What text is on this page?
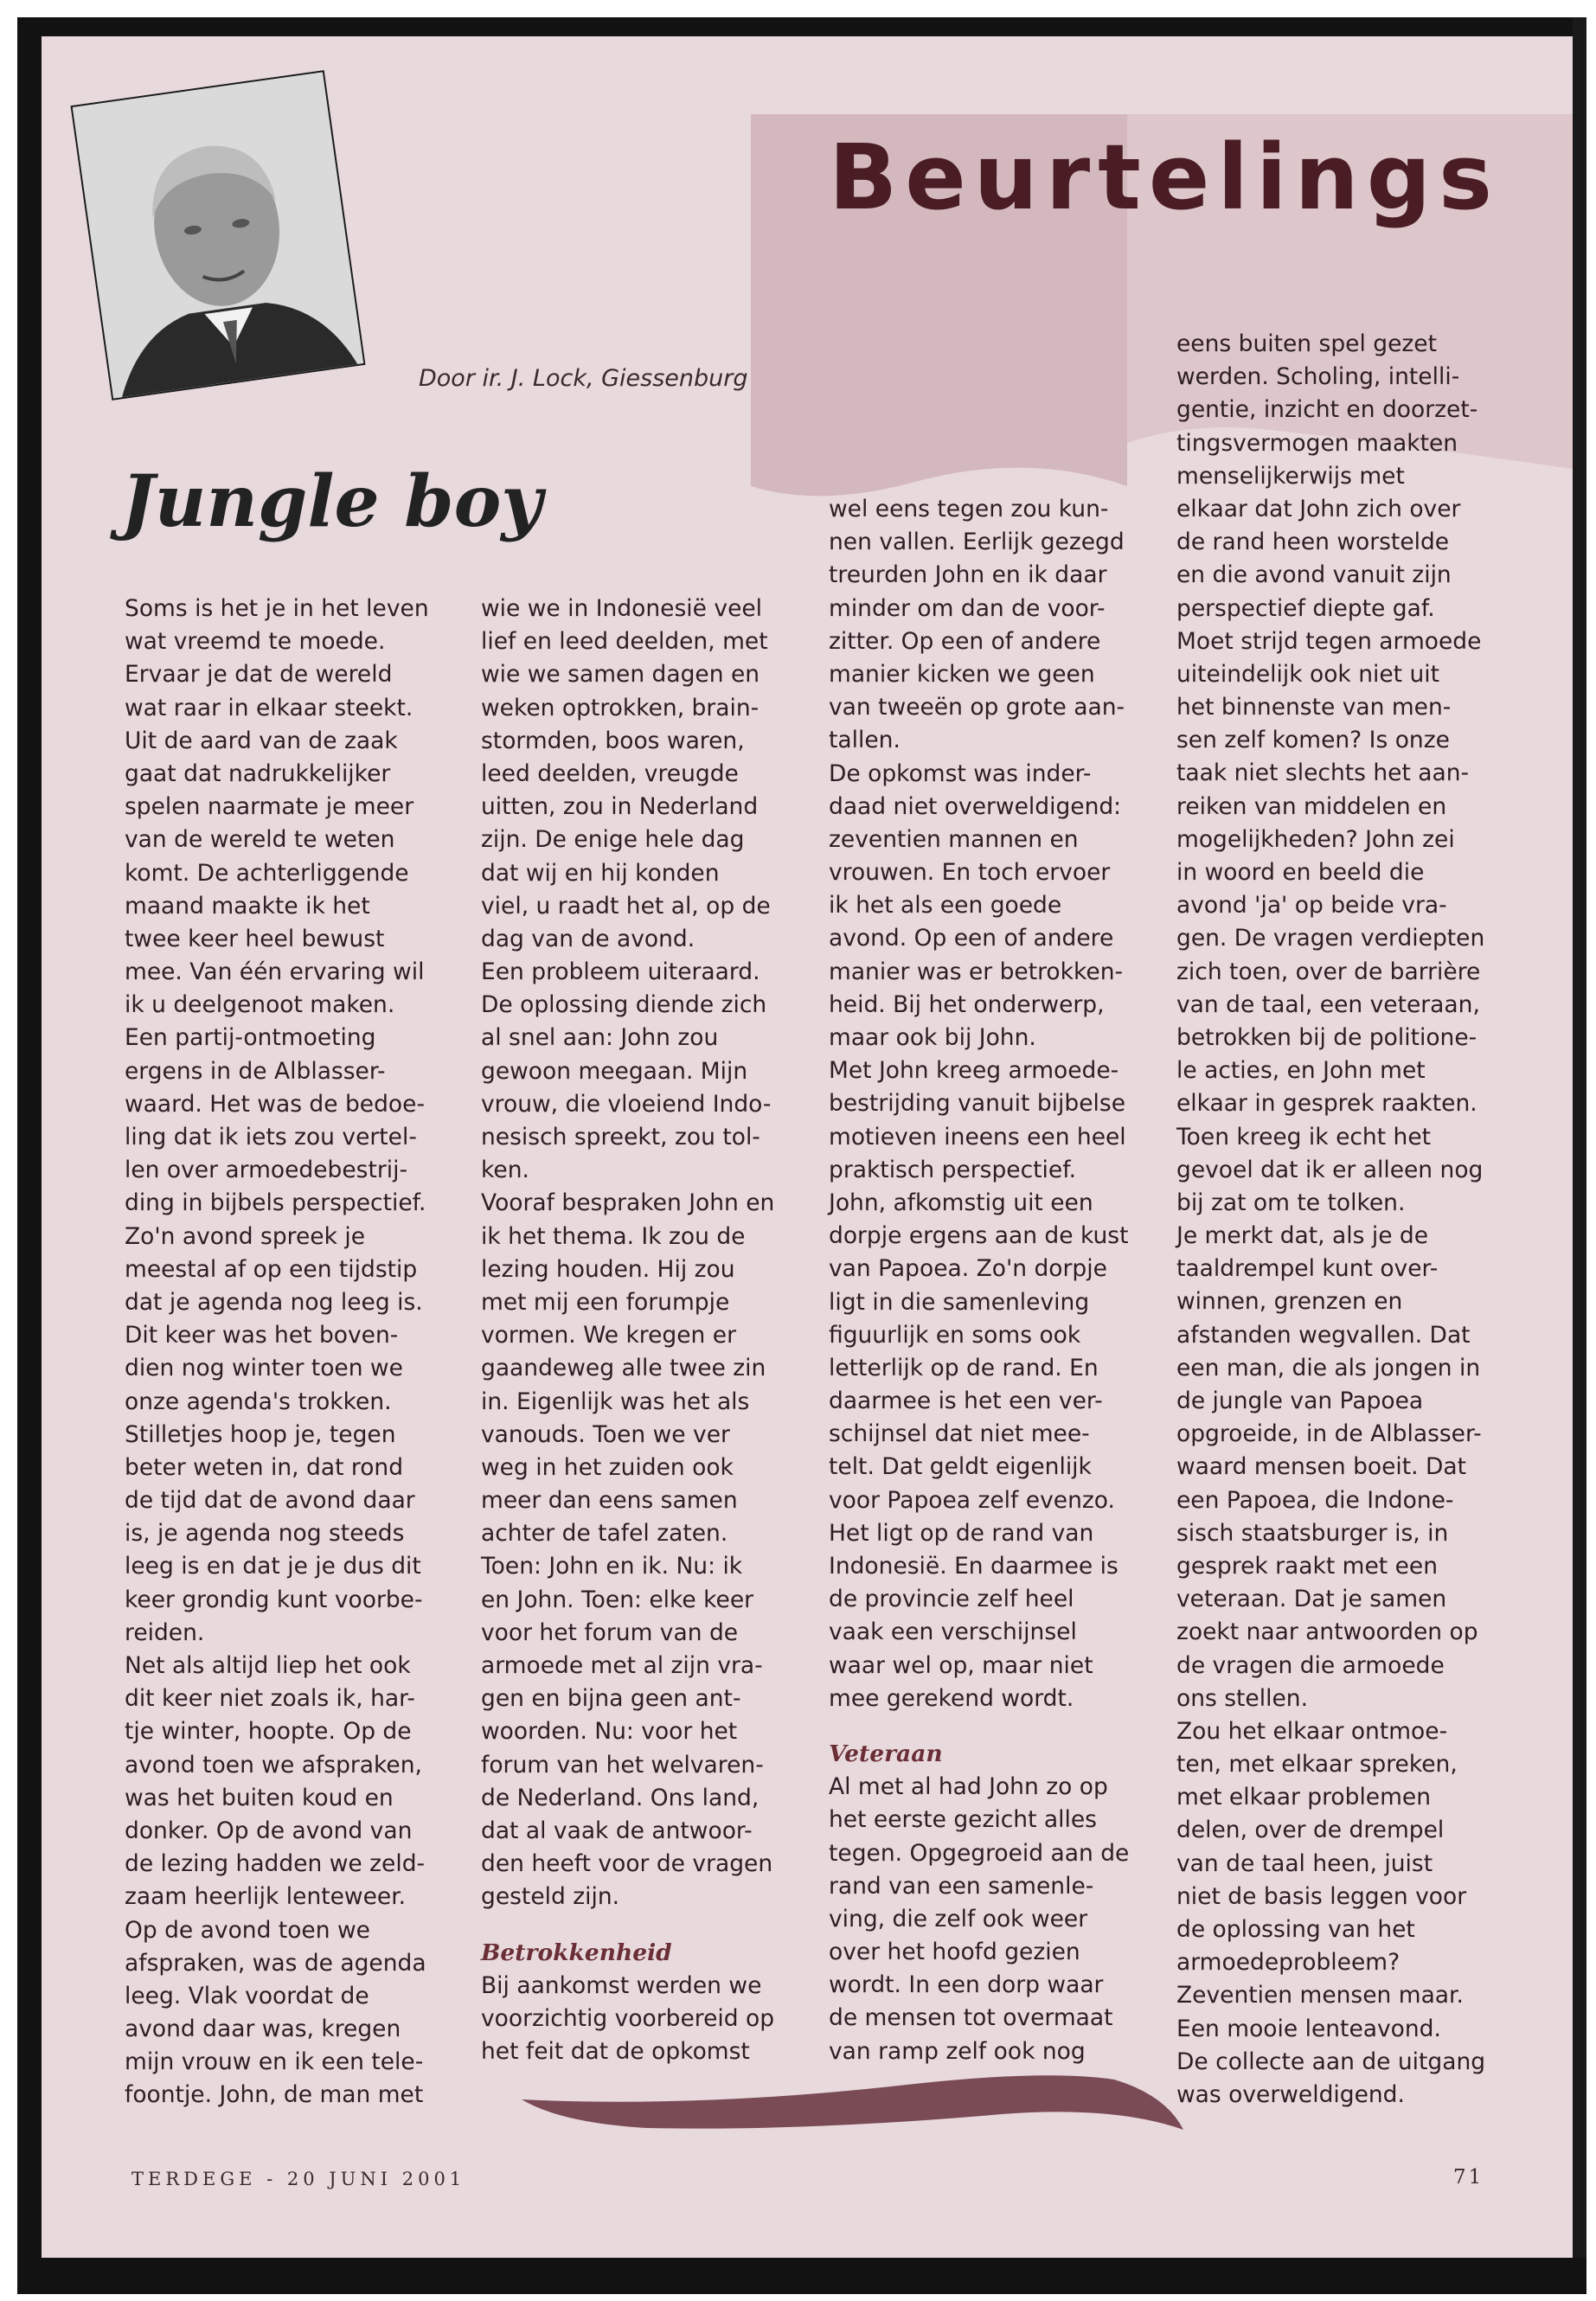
Beurtelings
Door ir. J. Lock, Giessenburg
Jungle boy
Soms is het je in het leven
wat vreemd te moede.
Ervaar je dat de wereld
wat raar in elkaar steekt.
Uit de aard van de zaak
gaat dat nadrukkelijker
spelen naarmate je meer
van de wereld te weten
komt. De achterliggende
maand maakte ik het
twee keer heel bewust
mee. Van één ervaring wil
ik u deelgenoot maken.
Een partij-ontmoeting
ergens in de Alblasser-
waard. Het was de bedoe-
ling dat ik iets zou vertel-
len over armoedebestrij-
ding in bijbels perspectief.
Zo'n avond spreek je
meestal af op een tijdstip
dat je agenda nog leeg is.
Dit keer was het boven-
dien nog winter toen we
onze agenda's trokken.
Stilletjes hoop je, tegen
beter weten in, dat rond
de tijd dat de avond daar
is, je agenda nog steeds
leeg is en dat je je dus dit
keer grondig kunt voorbe-
reiden.
Net als altijd liep het ook
dit keer niet zoals ik, har-
tje winter, hoopte. Op de
avond toen we afspraken,
was het buiten koud en
donker. Op de avond van
de lezing hadden we zeld-
zaam heerlijk lenteweer.
Op de avond toen we
afspraken, was de agenda
leeg. Vlak voordat de
avond daar was, kregen
mijn vrouw en ik een tele-
foontje. John, de man met
wie we in Indonesië veel
lief en leed deelden, met
wie we samen dagen en
weken optrokken, brain-
stormden, boos waren,
leed deelden, vreugde
uitten, zou in Nederland
zijn. De enige hele dag
dat wij en hij konden
viel, u raadt het al, op de
dag van de avond.
Een probleem uiteraard.
De oplossing diende zich
al snel aan: John zou
gewoon meegaan. Mijn
vrouw, die vloeiend Indo-
nesisch spreekt, zou tol-
ken.
Vooraf bespraken John en
ik het thema. Ik zou de
lezing houden. Hij zou
met mij een forumpje
vormen. We kregen er
gaandeweg alle twee zin
in. Eigenlijk was het als
vanouds. Toen we ver
weg in het zuiden ook
meer dan eens samen
achter de tafel zaten.
Toen: John en ik. Nu: ik
en John. Toen: elke keer
voor het forum van de
armoede met al zijn vra-
gen en bijna geen ant-
woorden. Nu: voor het
forum van het welvaren-
de Nederland. Ons land,
dat al vaak de antwoor-
den heeft voor de vragen
gesteld zijn.
Betrokkenheid
Bij aankomst werden we
voorzichtig voorbereid op
het feit dat de opkomst
wel eens tegen zou kun-
nen vallen. Eerlijk gezegd
treurden John en ik daar
minder om dan de voor-
zitter. Op een of andere
manier kicken we geen
van tweeën op grote aan-
tallen.
De opkomst was inder-
daad niet overweldigend:
zeventien mannen en
vrouwen. En toch ervoer
ik het als een goede
avond. Op een of andere
manier was er betrokken-
heid. Bij het onderwerp,
maar ook bij John.
Met John kreeg armoede-
bestrijding vanuit bijbelse
motieven ineens een heel
praktisch perspectief.
John, afkomstig uit een
dorpje ergens aan de kust
van Papoea. Zo'n dorpje
ligt in die samenleving
figuurlijk en soms ook
letterlijk op de rand. En
daarmee is het een ver-
schijnsel dat niet mee-
telt. Dat geldt eigenlijk
voor Papoea zelf evenzo.
Het ligt op de rand van
Indonesië. En daarmee is
de provincie zelf heel
vaak een verschijnsel
waar wel op, maar niet
mee gerekend wordt.
Veteraan
Al met al had John zo op
het eerste gezicht alles
tegen. Opgegroeid aan de
rand van een samenle-
ving, die zelf ook weer
over het hoofd gezien
wordt. In een dorp waar
de mensen tot overmaat
van ramp zelf ook nog
eens buiten spel gezet
werden. Scholing, intelli-
gentie, inzicht en doorzet-
tingsvermogen maakten
menselijkerwijs met
elkaar dat John zich over
de rand heen worstelde
en die avond vanuit zijn
perspectief diepte gaf.
Moet strijd tegen armoede
uiteindelijk ook niet uit
het binnenste van men-
sen zelf komen? Is onze
taak niet slechts het aan-
reiken van middelen en
mogelijkheden? John zei
in woord en beeld die
avond 'ja' op beide vra-
gen. De vragen verdiepten
zich toen, over de barrière
van de taal, een veteraan,
betrokken bij de politione-
le acties, en John met
elkaar in gesprek raakten.
Toen kreeg ik echt het
gevoel dat ik er alleen nog
bij zat om te tolken.
Je merkt dat, als je de
taaldrempel kunt over-
winnen, grenzen en
afstanden wegvallen. Dat
een man, die als jongen in
de jungle van Papoea
opgroeide, in de Alblasser-
waard mensen boeit. Dat
een Papoea, die Indone-
sisch staatsburger is, in
gesprek raakt met een
veteraan. Dat je samen
zoekt naar antwoorden op
de vragen die armoede
ons stellen.
Zou het elkaar ontmoe-
ten, met elkaar spreken,
met elkaar problemen
delen, over de drempel
van de taal heen, juist
niet de basis leggen voor
de oplossing van het
armoedeprobleem?
Zeventien mensen maar.
Een mooie lenteavond.
De collecte aan de uitgang
was overweldigend.
TERDEGE - 20 JUNI 2001	71
